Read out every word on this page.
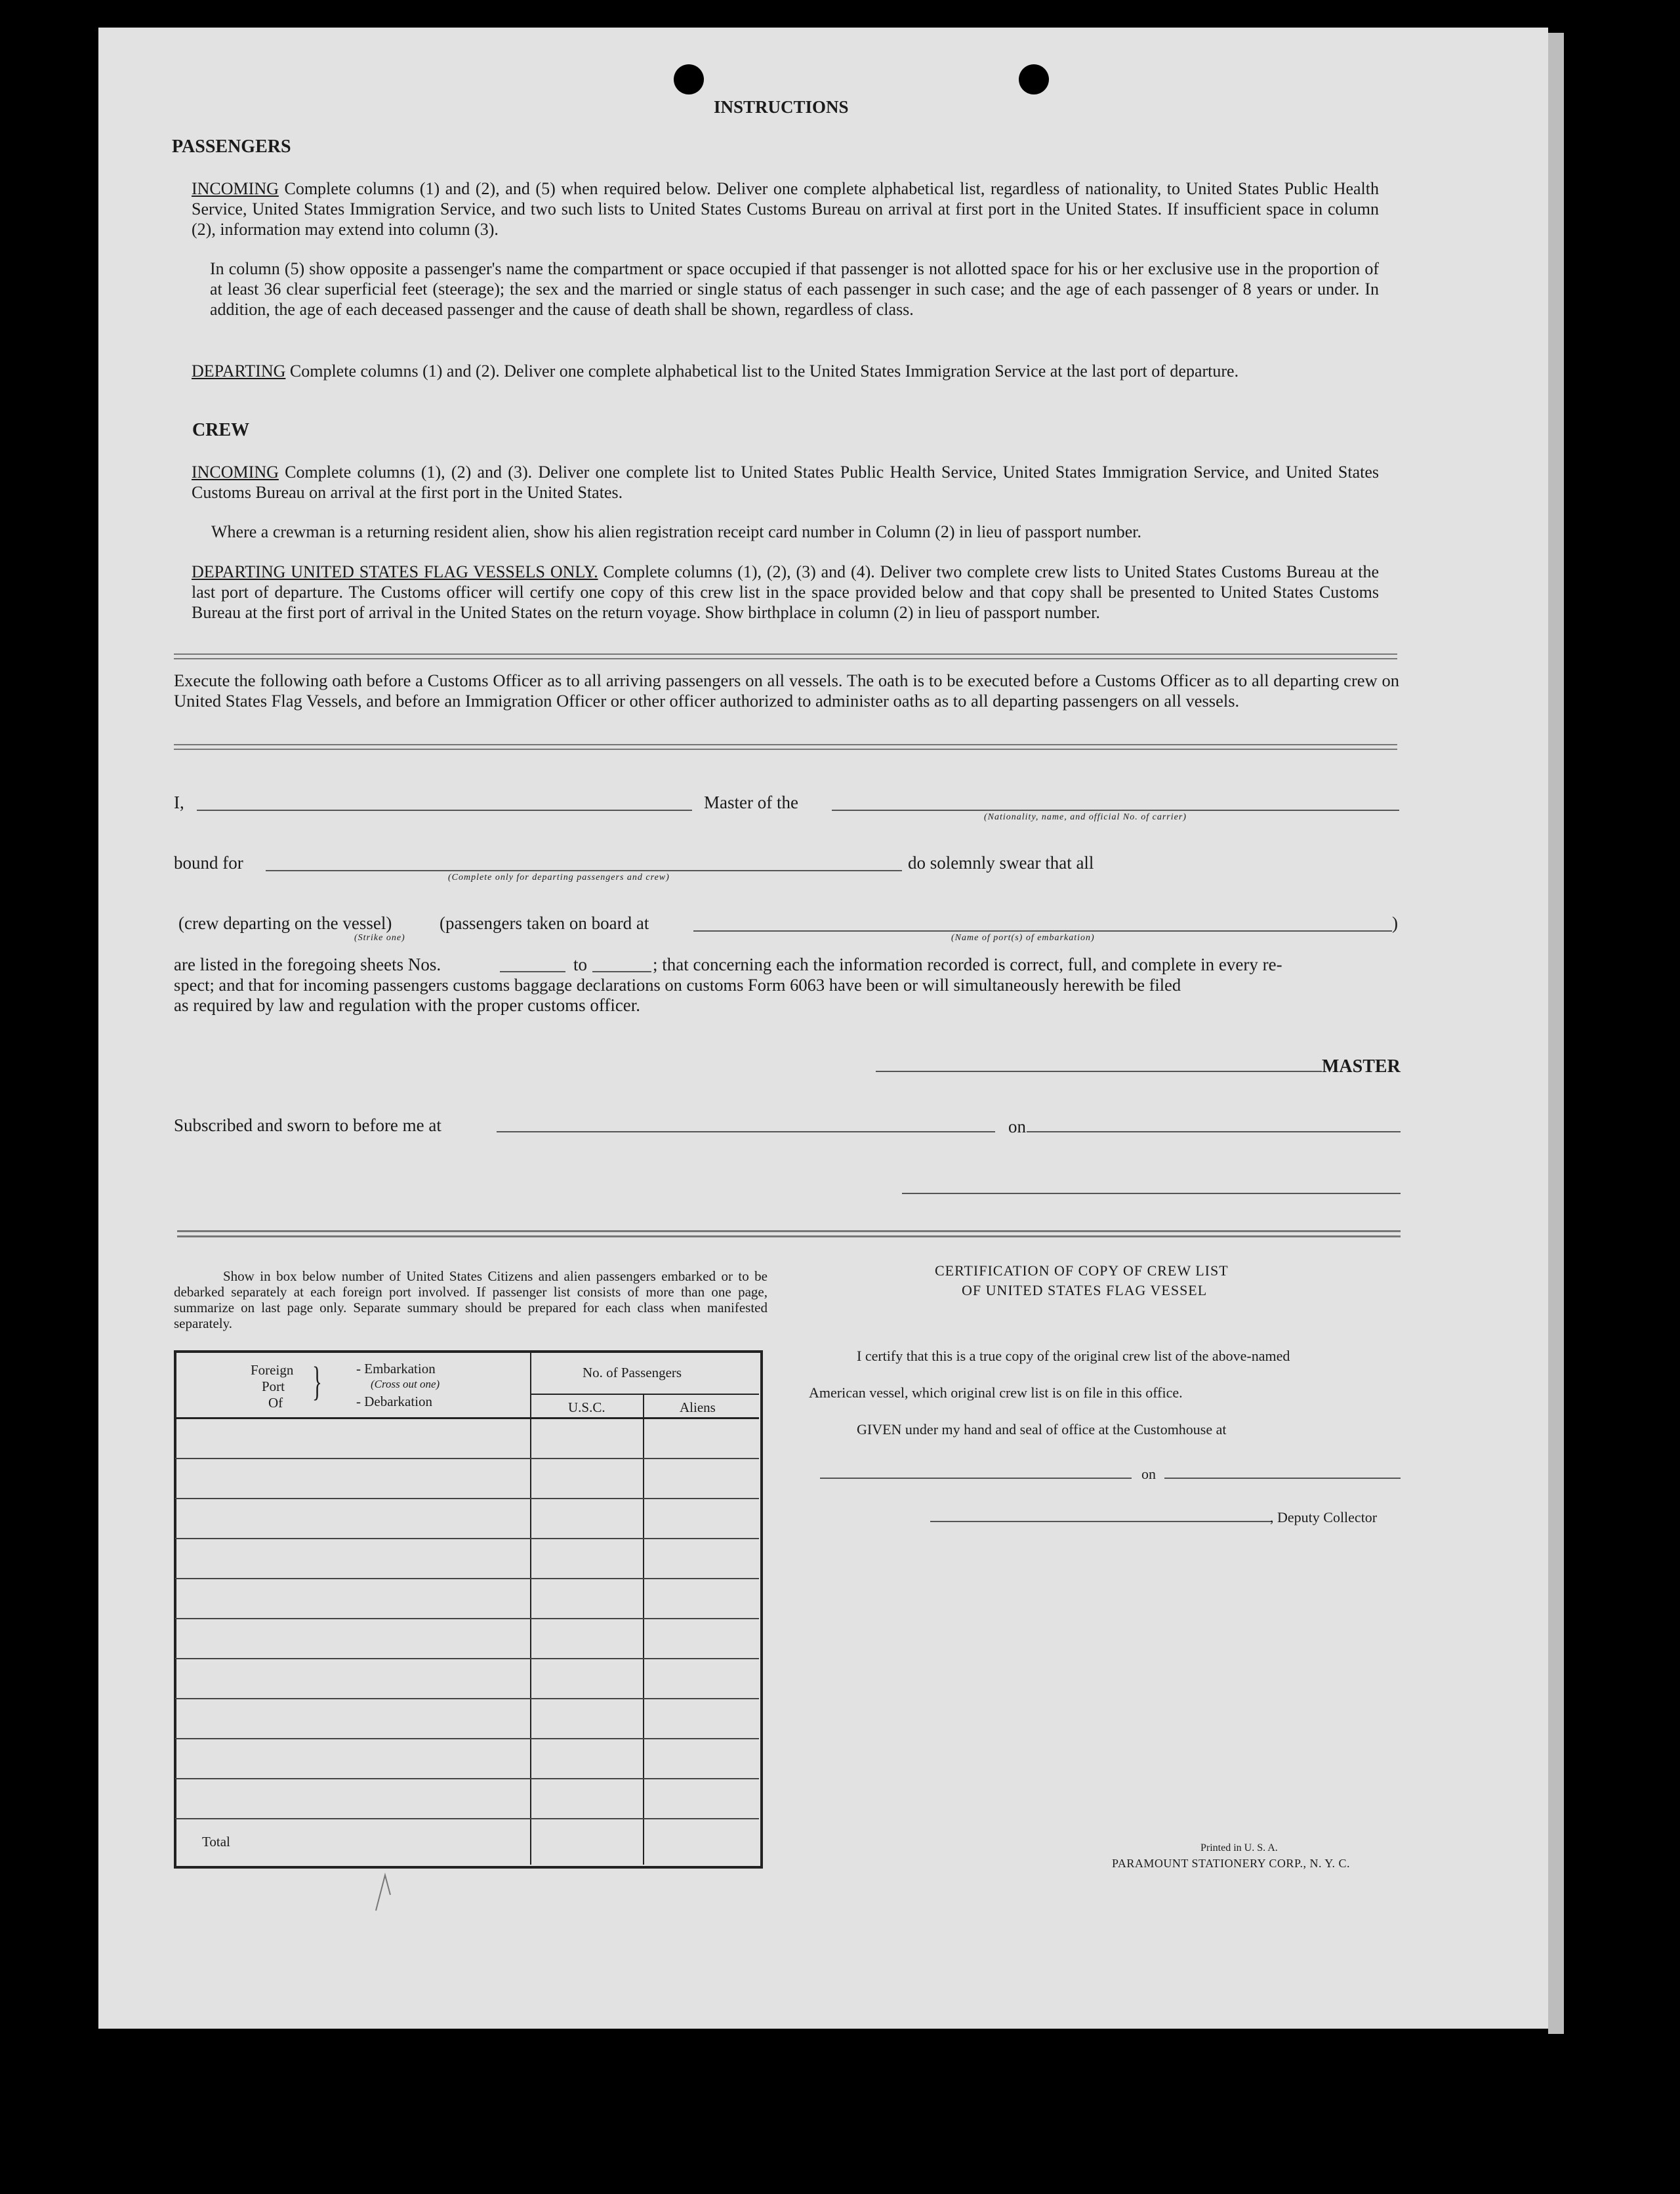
INSTRUCTIONS
PASSENGERS
INCOMING Complete columns (1) and (2), and (5) when required below. Deliver one complete alphabetical list, regardless of nationality, to United States Public Health Service, United States Immigration Service, and two such lists to United States Customs Bureau on arrival at first port in the United States. If insufficient space in column (2), information may extend into column (3).
In column (5) show opposite a passenger's name the compartment or space occupied if that passenger is not allotted space for his or her exclusive use in the proportion of at least 36 clear superficial feet (steerage); the sex and the married or single status of each passenger in such case; and the age of each passenger of 8 years or under. In addition, the age of each deceased passenger and the cause of death shall be shown, regardless of class.
DEPARTING Complete columns (1) and (2). Deliver one complete alphabetical list to the United States Immigration Service at the last port of departure.
CREW
INCOMING Complete columns (1), (2) and (3). Deliver one complete list to United States Public Health Service, United States Immigration Service, and United States Customs Bureau on arrival at the first port in the United States.
Where a crewman is a returning resident alien, show his alien registration receipt card number in Column (2) in lieu of passport number.
DEPARTING UNITED STATES FLAG VESSELS ONLY. Complete columns (1), (2), (3) and (4). Deliver two complete crew lists to United States Customs Bureau at the last port of departure. The Customs officer will certify one copy of this crew list in the space provided below and that copy shall be presented to United States Customs Bureau at the first port of arrival in the United States on the return voyage. Show birthplace in column (2) in lieu of passport number.
Execute the following oath before a Customs Officer as to all arriving passengers on all vessels. The oath is to be executed before a Customs Officer as to all departing crew on United States Flag Vessels, and before an Immigration Officer or other officer authorized to administer oaths as to all departing passengers on all vessels.
I,	Master of the
(Nationality, name, and official No. of carrier)
bound for
(Complete only for departing passengers and crew)
do solemnly swear that all
(crew departing on the vessel)	(passengers taken on board at	)
(Strike one)	(Name of port(s) of embarkation)
are listed in the foregoing sheets Nos.	to	; that concerning each the information recorded is correct, full, and complete in every re-
spect; and that for incoming passengers customs baggage declarations on customs Form 6063 have been or will simultaneously herewith be filed
as required by law and regulation with the proper customs officer.
MASTER
Subscribed and sworn to before me at	on
Show in box below number of United States Citizens and alien passengers embarked or to be debarked separately at each foreign port involved. If passenger list consists of more than one page, summarize on last page only. Separate summary should be prepared for each class when manifested separately.
Foreign
Port
Of } - Embarkation
(Cross out one)
- Debarkation
No. of Passengers
U.S.C.	Aliens
Total
CERTIFICATION OF COPY OF CREW LIST
OF UNITED STATES FLAG VESSEL
I certify that this is a true copy of the original crew list of the above-named
American vessel, which original crew list is on file in this office.
GIVEN under my hand and seal of office at the Customhouse at
on
, Deputy Collector
Printed in U. S. A.
PARAMOUNT STATIONERY CORP., N. Y. C.
